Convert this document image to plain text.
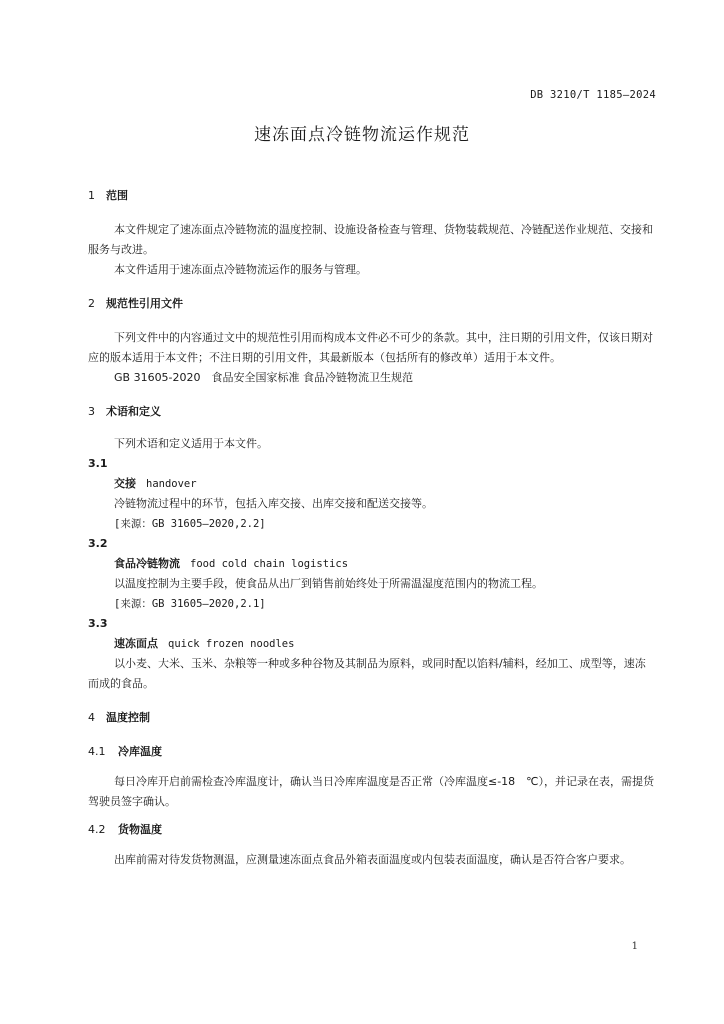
DB 3210/T 1185—2024
速冻面点冷链物流运作规范
1 范围

本文件规定了速冻面点冷链物流的温度控制、设施设备检查与管理、货物装载规范、冷链配送作业规范、交接和服务与改进。

本文件适用于速冻面点冷链物流运作的服务与管理。

2 规范性引用文件

下列文件中的内容通过文中的规范性引用而构成本文件必不可少的条款。其中，注日期的引用文件，仅该日期对应的版本适用于本文件；不注日期的引用文件，其最新版本（包括所有的修改单）适用于本文件。

GB 31605-2020　食品安全国家标准 食品冷链物流卫生规范

3 术语和定义

下列术语和定义适用于本文件。

3.1
交接 handover
冷链物流过程中的环节，包括入库交接、出库交接和配送交接等。
[来源：GB 31605—2020,2.2]
3.2
食品冷链物流 food cold chain logistics
以温度控制为主要手段，使食品从出厂到销售前始终处于所需温湿度范围内的物流工程。
[来源：GB 31605—2020,2.1]
3.3
速冻面点 quick frozen noodles

以小麦、大米、玉米、杂粮等一种或多种谷物及其制品为原料，或同时配以馅料/辅料，经加工、成型等，速冻而成的食品。

4 温度控制
4.1 冷库温度

每日冷库开启前需检查冷库温度计，确认当日冷库库温度是否正常（冷库温度≤-18　℃），并记录在表，需提货驾驶员签字确认。

4.2 货物温度

出库前需对待发货物测温，应测量速冻面点食品外箱表面温度或内包装表面温度，确认是否符合客户要求。

1
